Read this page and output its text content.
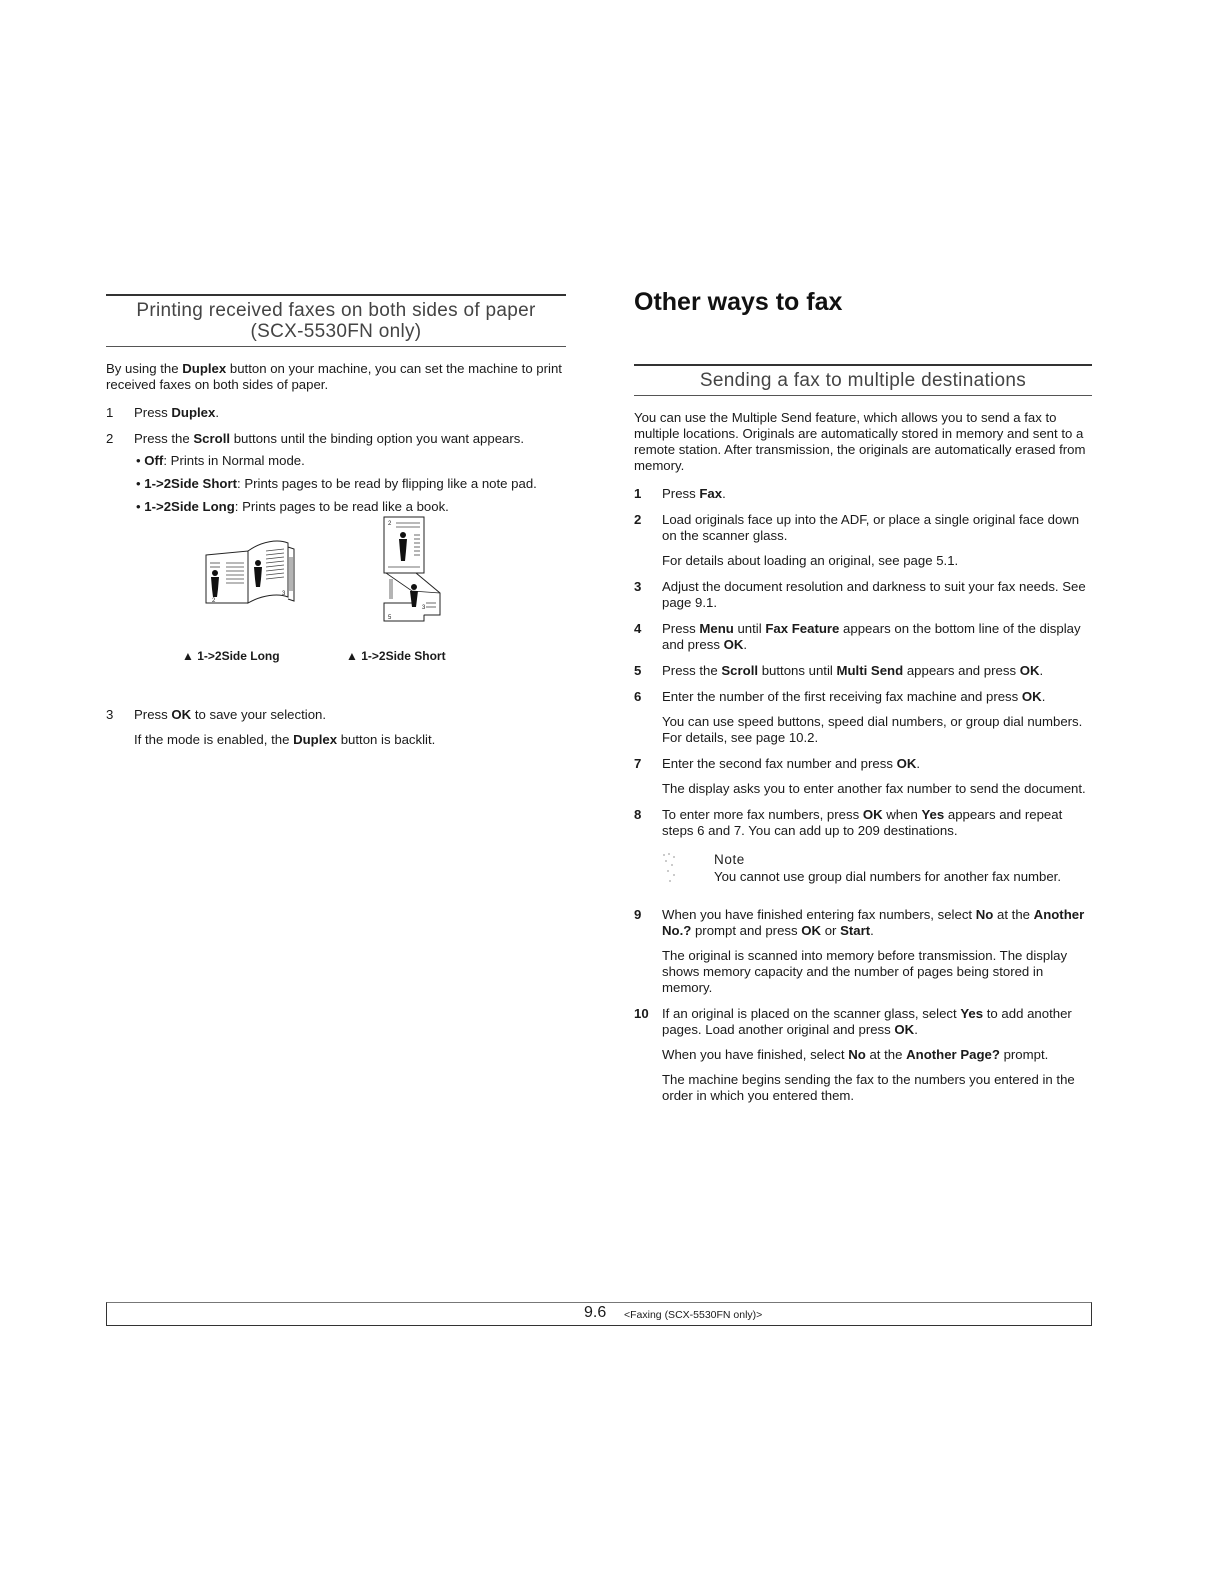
Printing received faxes on both sides of paper
(SCX-5530FN only)

By using the Duplex button on your machine, you can set the machine to print received faxes on both sides of paper.

1	Press Duplex.
2	Press the Scroll buttons until the binding option you want appears.
• Off: Prints in Normal mode.
• 1->2Side Short: Prints pages to be read by flipping like a note pad.
• 1->2Side Long: Prints pages to be read like a book.
2
3
2
3
5
▲ 1->2Side Long	▲ 1->2Side Short
3	Press OK to save your selection.
If the mode is enabled, the Duplex button is backlit.
Other ways to fax
Sending a fax to multiple destinations

You can use the Multiple Send feature, which allows you to send a fax to multiple locations. Originals are automatically stored in memory and sent to a remote station. After transmission, the originals are automatically erased from memory.

1	Press Fax.
2	Load originals face up into the ADF, or place a single original face down on the scanner glass.
For details about loading an original, see page 5.1.
3	Adjust the document resolution and darkness to suit your fax needs. See page 9.1.
4	Press Menu until Fax Feature appears on the bottom line of the display and press OK.
5	Press the Scroll buttons until Multi Send appears and press OK.
6	Enter the number of the first receiving fax machine and press OK.
You can use speed buttons, speed dial numbers, or group dial numbers. For details, see page 10.2.
7	Enter the second fax number and press OK.
The display asks you to enter another fax number to send the document.
8	To enter more fax numbers, press OK when Yes appears and repeat steps 6 and 7. You can add up to 209 destinations.
Note
You cannot use group dial numbers for another fax number.
9	When you have finished entering fax numbers, select No at the Another No.? prompt and press OK or Start.
The original is scanned into memory before transmission. The display shows memory capacity and the number of pages being stored in memory.
10	If an original is placed on the scanner glass, select Yes to add another pages. Load another original and press OK.
When you have finished, select No at the Another Page? prompt.
The machine begins sending the fax to the numbers you entered in the order in which you entered them.
9.6 <Faxing (SCX-5530FN only)>
